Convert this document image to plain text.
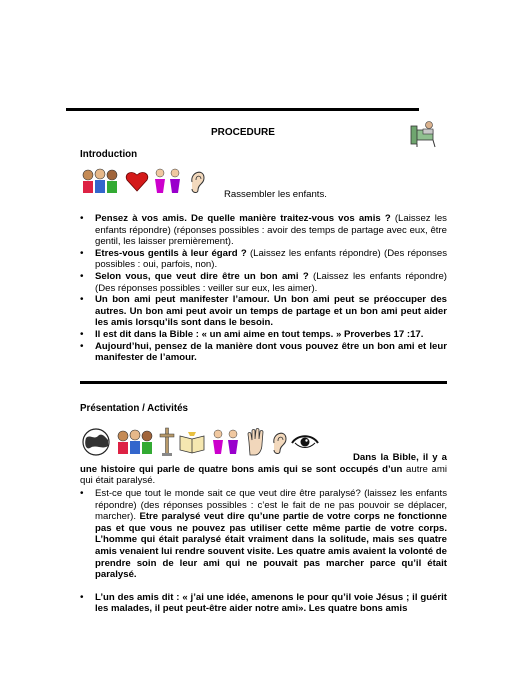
PROCEDURE
Introduction

Rassembler les enfants.
• Pensez à vos amis. De quelle manière traitez-vous vos amis ? (Laissez les enfants répondre) (réponses possibles : avoir des temps de partage avec eux, être gentil, les laisser premièrement).
• Etres-vous gentils à leur égard ? (Laissez les enfants répondre) (Des réponses possibles : oui, parfois, non).
• Selon vous, que veut dire être un bon ami ? (Laissez les enfants répondre) (Des réponses possibles : veiller sur eux, les aimer).
• Un bon ami peut manifester l’amour. Un bon ami peut se préoccuper des autres. Un bon ami peut avoir un temps de partage et un bon ami peut aider les amis lorsqu’ils sont dans le besoin.
• Il est dit dans la Bible : « un ami aime en tout temps. » Proverbes 17 :17.
• Aujourd’hui, pensez de la manière dont vous pouvez être un bon ami et leur manifester de l’amour.
Présentation / Activités

Dans la Bible, il y a une histoire qui parle de quatre bons amis qui se sont occupés d’un autre ami qui était paralysé.
• Est-ce que tout le monde sait ce que veut dire être paralysé? (laissez les enfants répondre) (des réponses possibles : c’est le fait de ne pas pouvoir se déplacer, marcher). Etre paralysé veut dire qu’une partie de votre corps ne fonctionne pas et que vous ne pouvez pas utiliser cette même partie de votre corps. L’homme qui était paralysé était vraiment dans la solitude, mais ses quatre amis venaient lui rendre souvent visite. Les quatre amis avaient la volonté de prendre soin de leur ami qui ne pouvait pas marcher parce qu’il était paralysé.
• L’un des amis dit : « j’ai une idée, amenons le pour qu’il voie Jésus ; il guérit les malades, il peut peut-être aider notre ami». Les quatre bons amis
